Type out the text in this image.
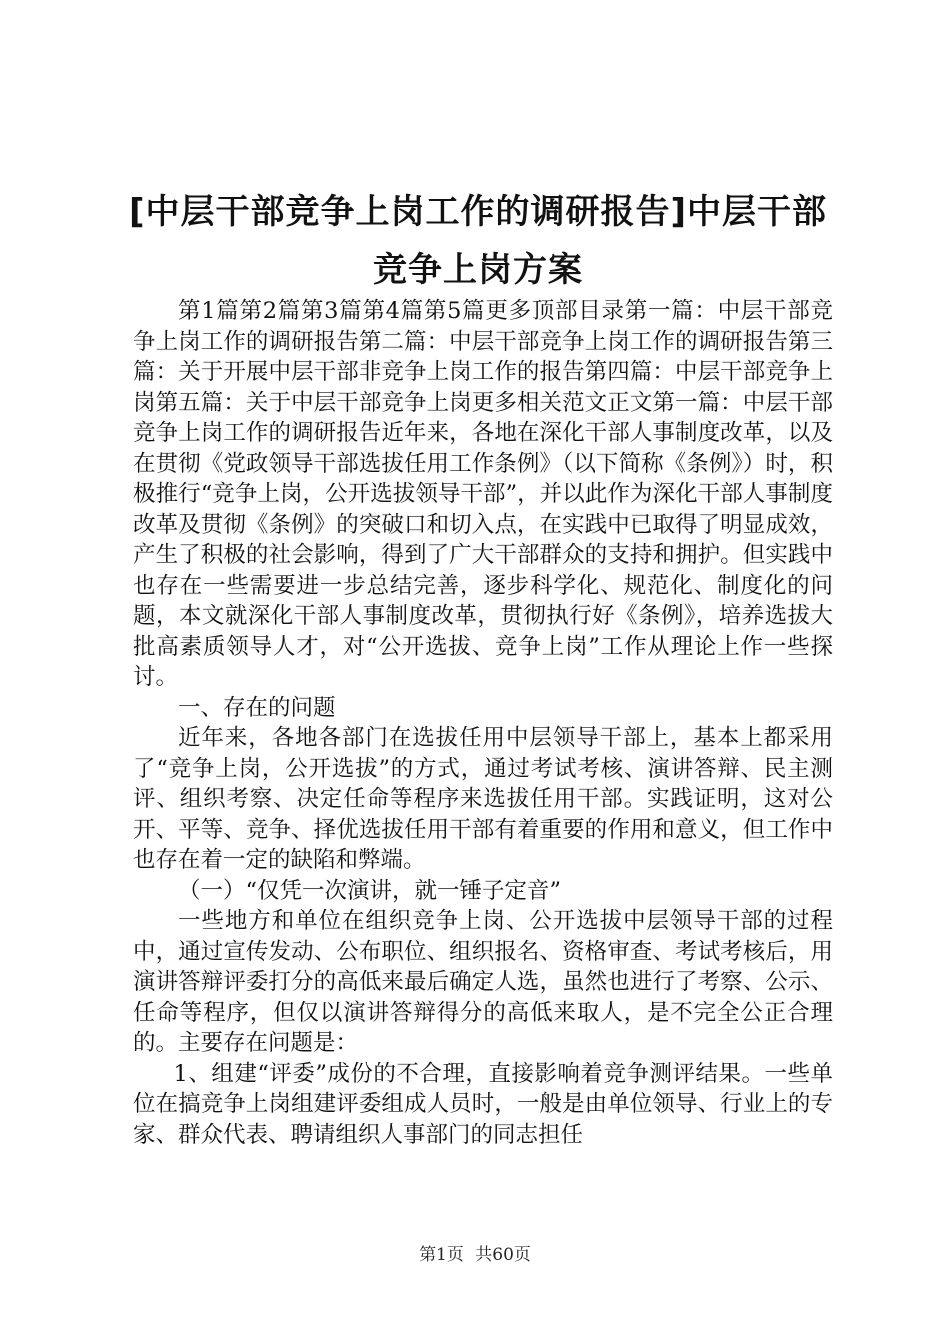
[中层干部竞争上岗工作的调研报告]中层干部
竞争上岗方案

第1篇第2篇第3篇第4篇第5篇更多顶部目录第一篇：中层干部竞争上岗工作的调研报告第二篇：中层干部竞争上岗工作的调研报告第三篇：关于开展中层干部非竞争上岗工作的报告第四篇：中层干部竞争上岗第五篇：关于中层干部竞争上岗更多相关范文正文第一篇：中层干部竞争上岗工作的调研报告近年来，各地在深化干部人事制度改革，以及在贯彻《党政领导干部选拔任用工作条例》（以下简称《条例》）时，积极推行“竞争上岗，公开选拔领导干部”，并以此作为深化干部人事制度改革及贯彻《条例》的突破口和切入点，在实践中已取得了明显成效，产生了积极的社会影响，得到了广大干部群众的支持和拥护。但实践中也存在一些需要进一步总结完善，逐步科学化、规范化、制度化的问题，本文就深化干部人事制度改革，贯彻执行好《条例》，培养选拔大批高素质领导人才，对“公开选拔、竞争上岗”工作从理论上作一些探讨。

一、存在的问题

近年来，各地各部门在选拔任用中层领导干部上，基本上都采用了“竞争上岗，公开选拔”的方式，通过考试考核、演讲答辩、民主测评、组织考察、决定任命等程序来选拔任用干部。实践证明，这对公开、平等、竞争、择优选拔任用干部有着重要的作用和意义，但工作中也存在着一定的缺陷和弊端。

（一）“仅凭一次演讲，就一锤子定音”

一些地方和单位在组织竞争上岗、公开选拔中层领导干部的过程中，通过宣传发动、公布职位、组织报名、资格审查、考试考核后，用演讲答辩评委打分的高低来最后确定人选，虽然也进行了考察、公示、任命等程序，但仅以演讲答辩得分的高低来取人，是不完全公正合理的。主要存在问题是：

1、组建“评委”成份的不合理，直接影响着竞争测评结果。一些单位在搞竞争上岗组建评委组成人员时，一般是由单位领导、行业上的专家、群众代表、聘请组织人事部门的同志担任

第1页 共60页
